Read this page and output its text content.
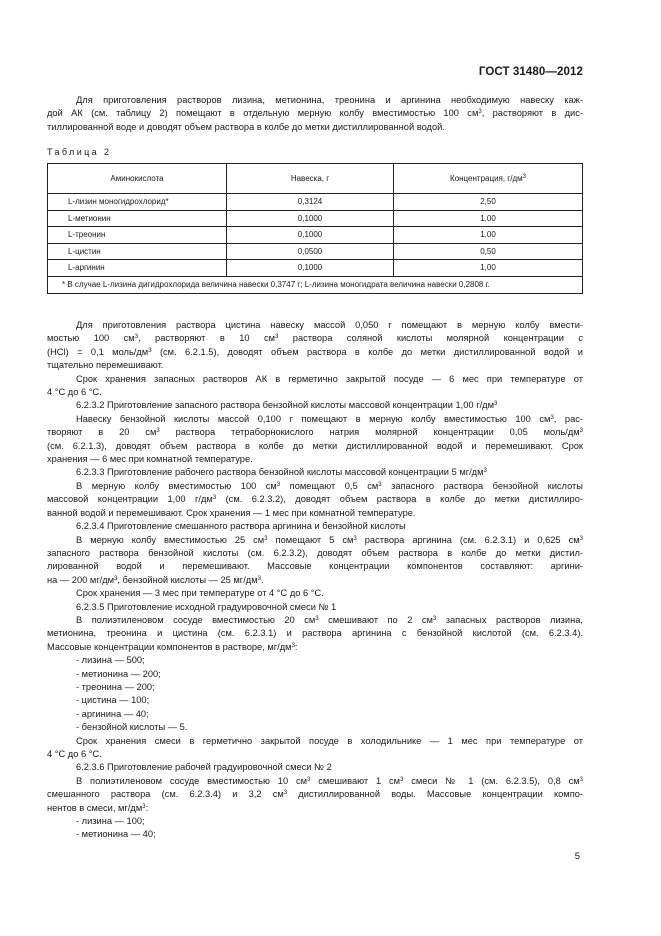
ГОСТ 31480—2012

Для приготовления растворов лизина, метионина, треонина и аргинина необходимую навеску каж-

дой АК (см. таблицу 2) помещают в отдельную мерную колбу вместимостью 100 $см^3$, растворяют в дис-

тиллированной воде и доводят объем раствора в колбе до метки дистиллированной водой.

Таблица 2
Аминокислота	Навеска, г	Концентрация, $г/дм^3$
L-лизин моногидрохлорид*	0,3124	2,50
L-метионин	0,1000	1,00
L-треонин	0,1000	1,00
L-цистин	0,0500	0,50
L-аргинин	0,1000	1,00
* В случае L-лизина дигидрохлорида величина навески 0,3747 г; L-лизина моногидрата величина навески 0,2808 г.		

Для приготовления раствора цистина навеску массой 0,050 г помещают в мерную колбу вмести-

мостью 100 $см^3$, растворяют в 10 $см^3$ раствора соляной кислоты молярной концентрации c

(HCl) = 0,1 моль/$дм^3$ (см. 6.2.1.5), доводят объем раствора в колбе до метки дистиллированной водой и

тщательно перемешивают.

Срок хранения запасных растворов АК в герметично закрытой посуде — 6 мес при температуре от

4 °С до 6 °С.

6.2.3.2 Приготовление запасного раствора бензойной кислоты массовой концентрации 1,00 $г/дм^3$

Навеску бензойной кислоты массой 0,100 г помещают в мерную колбу вместимостью 100 $см^3$, рас-

творяют в 20 $см^3$ раствора тетраборнокислого натрия молярной концентрации 0,05 моль/$дм^3$

(см. 6.2.1.3), доводят объем раствора в колбе до метки дистиллированной водой и перемешивают. Срок

хранения — 6 мес при комнатной температуре.

6.2.3.3 Приготовление рабочего раствора бензойной кислоты массовой концентрации 5 $мг/дм^3$

В мерную колбу вместимостью 100 $см^3$ помещают 0,5 $см^3$ запасного раствора бензойной кислоты

массовой концентрации 1,00 $г/дм^3$ (см. 6.2.3.2), доводят объем раствора в колбе до метки дистиллиро-

ванной водой и перемешивают. Срок хранения — 1 мес при комнатной температуре.

6.2.3.4 Приготовление смешанного раствора аргинина и бензойной кислоты

В мерную колбу вместимостью 25 $см^3$ помещают 5 $см^3$ раствора аргинина (см. 6.2.3.1) и 0,625 $см^3$

запасного раствора бензойной кислоты (см. 6.2.3.2), доводят объем раствора в колбе до метки дистил-

лированной водой и перемешивают. Массовые концентрации компонентов составляют: аргини-

на — 200 $мг/дм^3$, бензойной кислоты — 25 $мг/дм^3$.

Срок хранения — 3 мес при температуре от 4 °С до 6 °С.

6.2.3.5 Приготовление исходной градуировочной смеси № 1

В полиэтиленовом сосуде вместимостью 20 $см^3$ смешивают по 2 $см^3$ запасных растворов лизина,

метионина, треонина и цистина (см. 6.2.3.1) и раствора аргинина с бензойной кислотой (см. 6.2.3.4).

Массовые концентрации компонентов в растворе, $мг/дм^3$:

- лизина — 500;

- метионина — 200;

- треонина — 200;

- цистина — 100;

- аргинина — 40;

- бензойной кислоты — 5.

Срок хранения смеси в герметично закрытой посуде в холодильнике — 1 мес при температуре от

4 °С до 6 °С.

6.2.3.6 Приготовление рабочей градуировочной смеси № 2

В полиэтиленовом сосуде вместимостью 10 $см^3$ смешивают 1 $см^3$ смеси № 1 (см. 6.2.3.5), 0,8 $см^3$

смешанного раствора (см. 6.2.3.4) и 3,2 $см^3$ дистиллированной воды. Массовые концентрации компо-

нентов в смеси, $мг/дм^3$:

- лизина — 100;

- метионина — 40;

5
